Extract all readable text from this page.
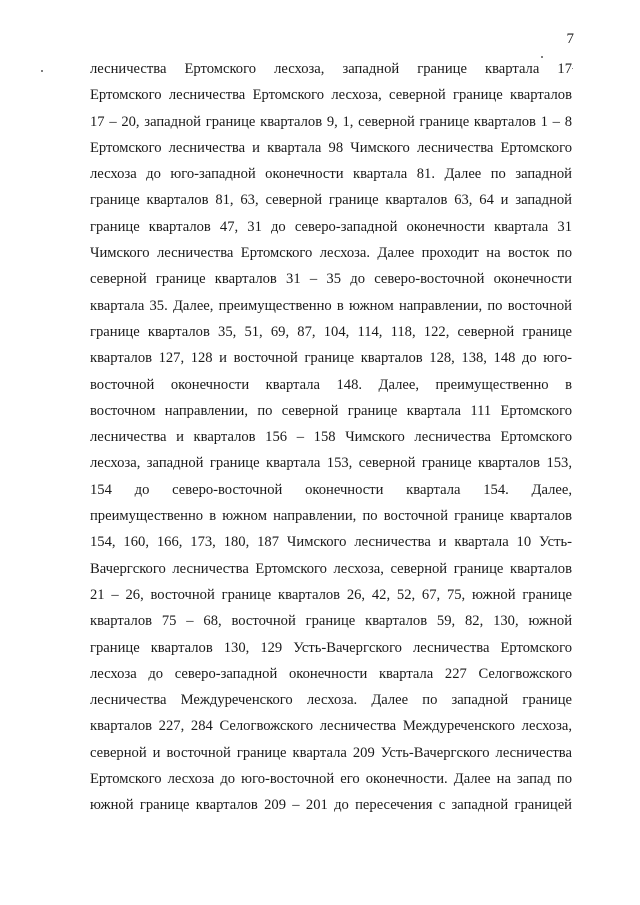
7
лесничества Ертомского лесхоза, западной границе квартала 17
Ертомского лесничества Ертомского лесхоза, северной границе кварталов
17 – 20, западной границе кварталов 9, 1, северной границе кварталов 1 – 8
Ертомского лесничества и квартала 98 Чимского лесничества Ертомского
лесхоза до юго-западной оконечности квартала 81. Далее по западной
границе кварталов 81, 63, северной границе кварталов 63, 64 и западной
границе кварталов 47, 31 до северо-западной оконечности квартала 31
Чимского лесничества Ертомского лесхоза. Далее проходит на восток по
северной границе кварталов 31 – 35 до северо-восточной оконечности
квартала 35. Далее, преимущественно в южном направлении, по восточной
границе кварталов 35, 51, 69, 87, 104, 114, 118, 122, северной границе
кварталов 127, 128 и восточной границе кварталов 128, 138, 148 до юго-
восточной оконечности квартала 148. Далее, преимущественно в
восточном направлении, по северной границе квартала 111 Ертомского
лесничества и кварталов 156 – 158 Чимского лесничества Ертомского
лесхоза, западной границе квартала 153, северной границе кварталов 153,
154 до северо-восточной оконечности квартала 154. Далее,
преимущественно в южном направлении, по восточной границе кварталов
154, 160, 166, 173, 180, 187 Чимского лесничества и квартала 10 Усть-
Вачергского лесничества Ертомского лесхоза, северной границе кварталов
21 – 26, восточной границе кварталов 26, 42, 52, 67, 75, южной границе
кварталов 75 – 68, восточной границе кварталов 59, 82, 130, южной
границе кварталов 130, 129 Усть-Вачергского лесничества Ертомского
лесхоза до северо-западной оконечности квартала 227 Селогвожского
лесничества Междуреченского лесхоза. Далее по западной границе
кварталов 227, 284 Селогвожского лесничества Междуреченского лесхоза,
северной и восточной границе квартала 209 Усть-Вачергского лесничества
Ертомского лесхоза до юго-восточной его оконечности. Далее на запад по
южной границе кварталов 209 – 201 до пересечения с западной границей
